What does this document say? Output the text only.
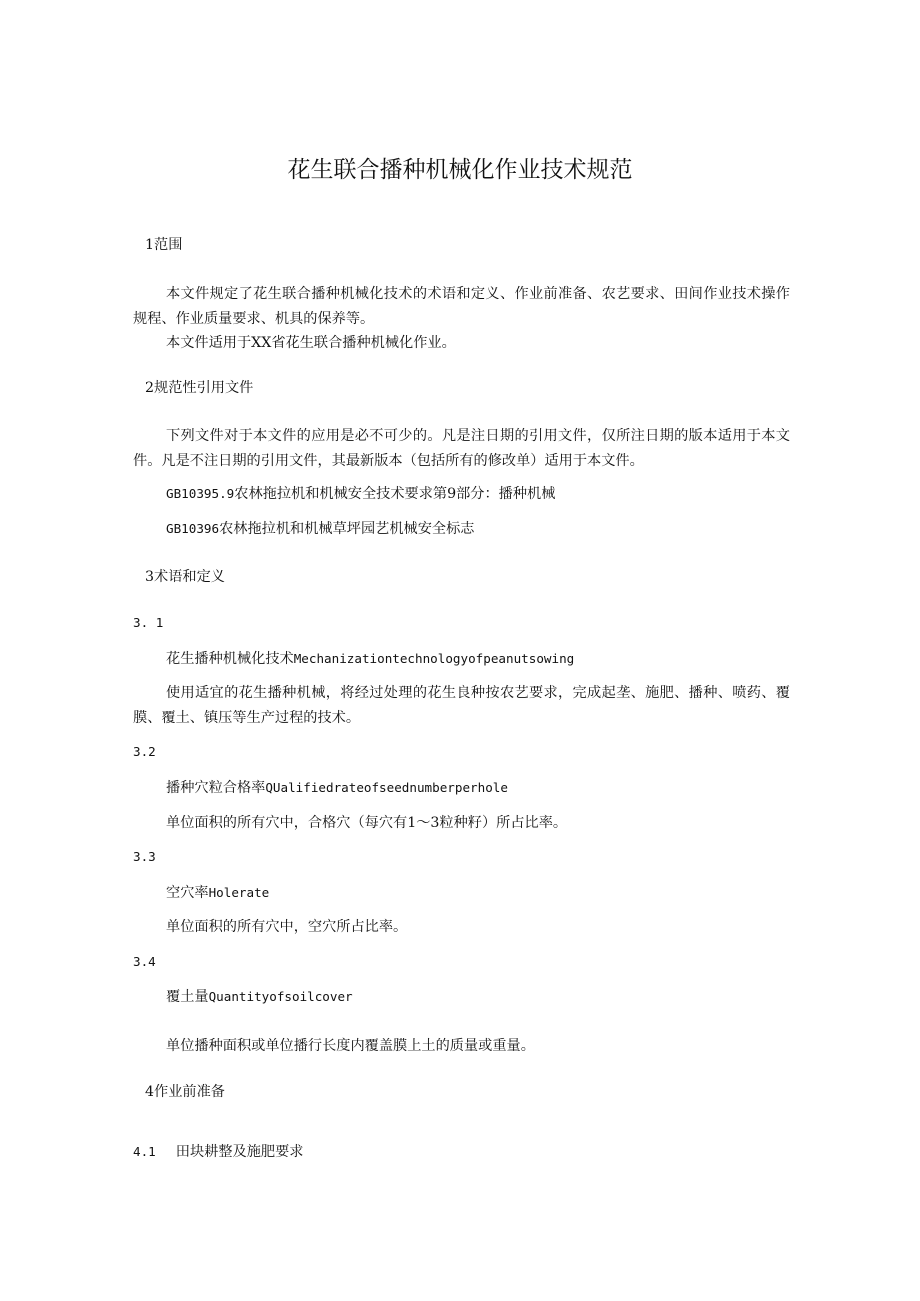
花生联合播种机械化作业技术规范
1范围
本文件规定了花生联合播种机械化技术的术语和定义、作业前准备、农艺要求、田间作业技术操作规程、作业质量要求、机具的保养等。
本文件适用于XX省花生联合播种机械化作业。
2规范性引用文件
下列文件对于本文件的应用是必不可少的。凡是注日期的引用文件，仅所注日期的版本适用于本文件。凡是不注日期的引用文件，其最新版本（包括所有的修改单）适用于本文件。
GB10395.9农林拖拉机和机械安全技术要求第9部分：播种机械
GB10396农林拖拉机和机械草坪园艺机械安全标志
3术语和定义
3. 1
花生播种机械化技术Mechanizationtechnologyofpeanutsowing
使用适宜的花生播种机械，将经过处理的花生良种按农艺要求，完成起垄、施肥、播种、喷药、覆膜、覆土、镇压等生产过程的技术。
3.2
播种穴粒合格率QUalifiedrateofseednumberperhole
单位面积的所有穴中，合格穴（每穴有1～3粒种籽）所占比率。
3.3
空穴率Holerate
单位面积的所有穴中，空穴所占比率。
3.4
覆土量Quantityofsoilcover
单位播种面积或单位播行长度内覆盖膜上土的质量或重量。
4作业前准备
4.1 田块耕整及施肥要求
